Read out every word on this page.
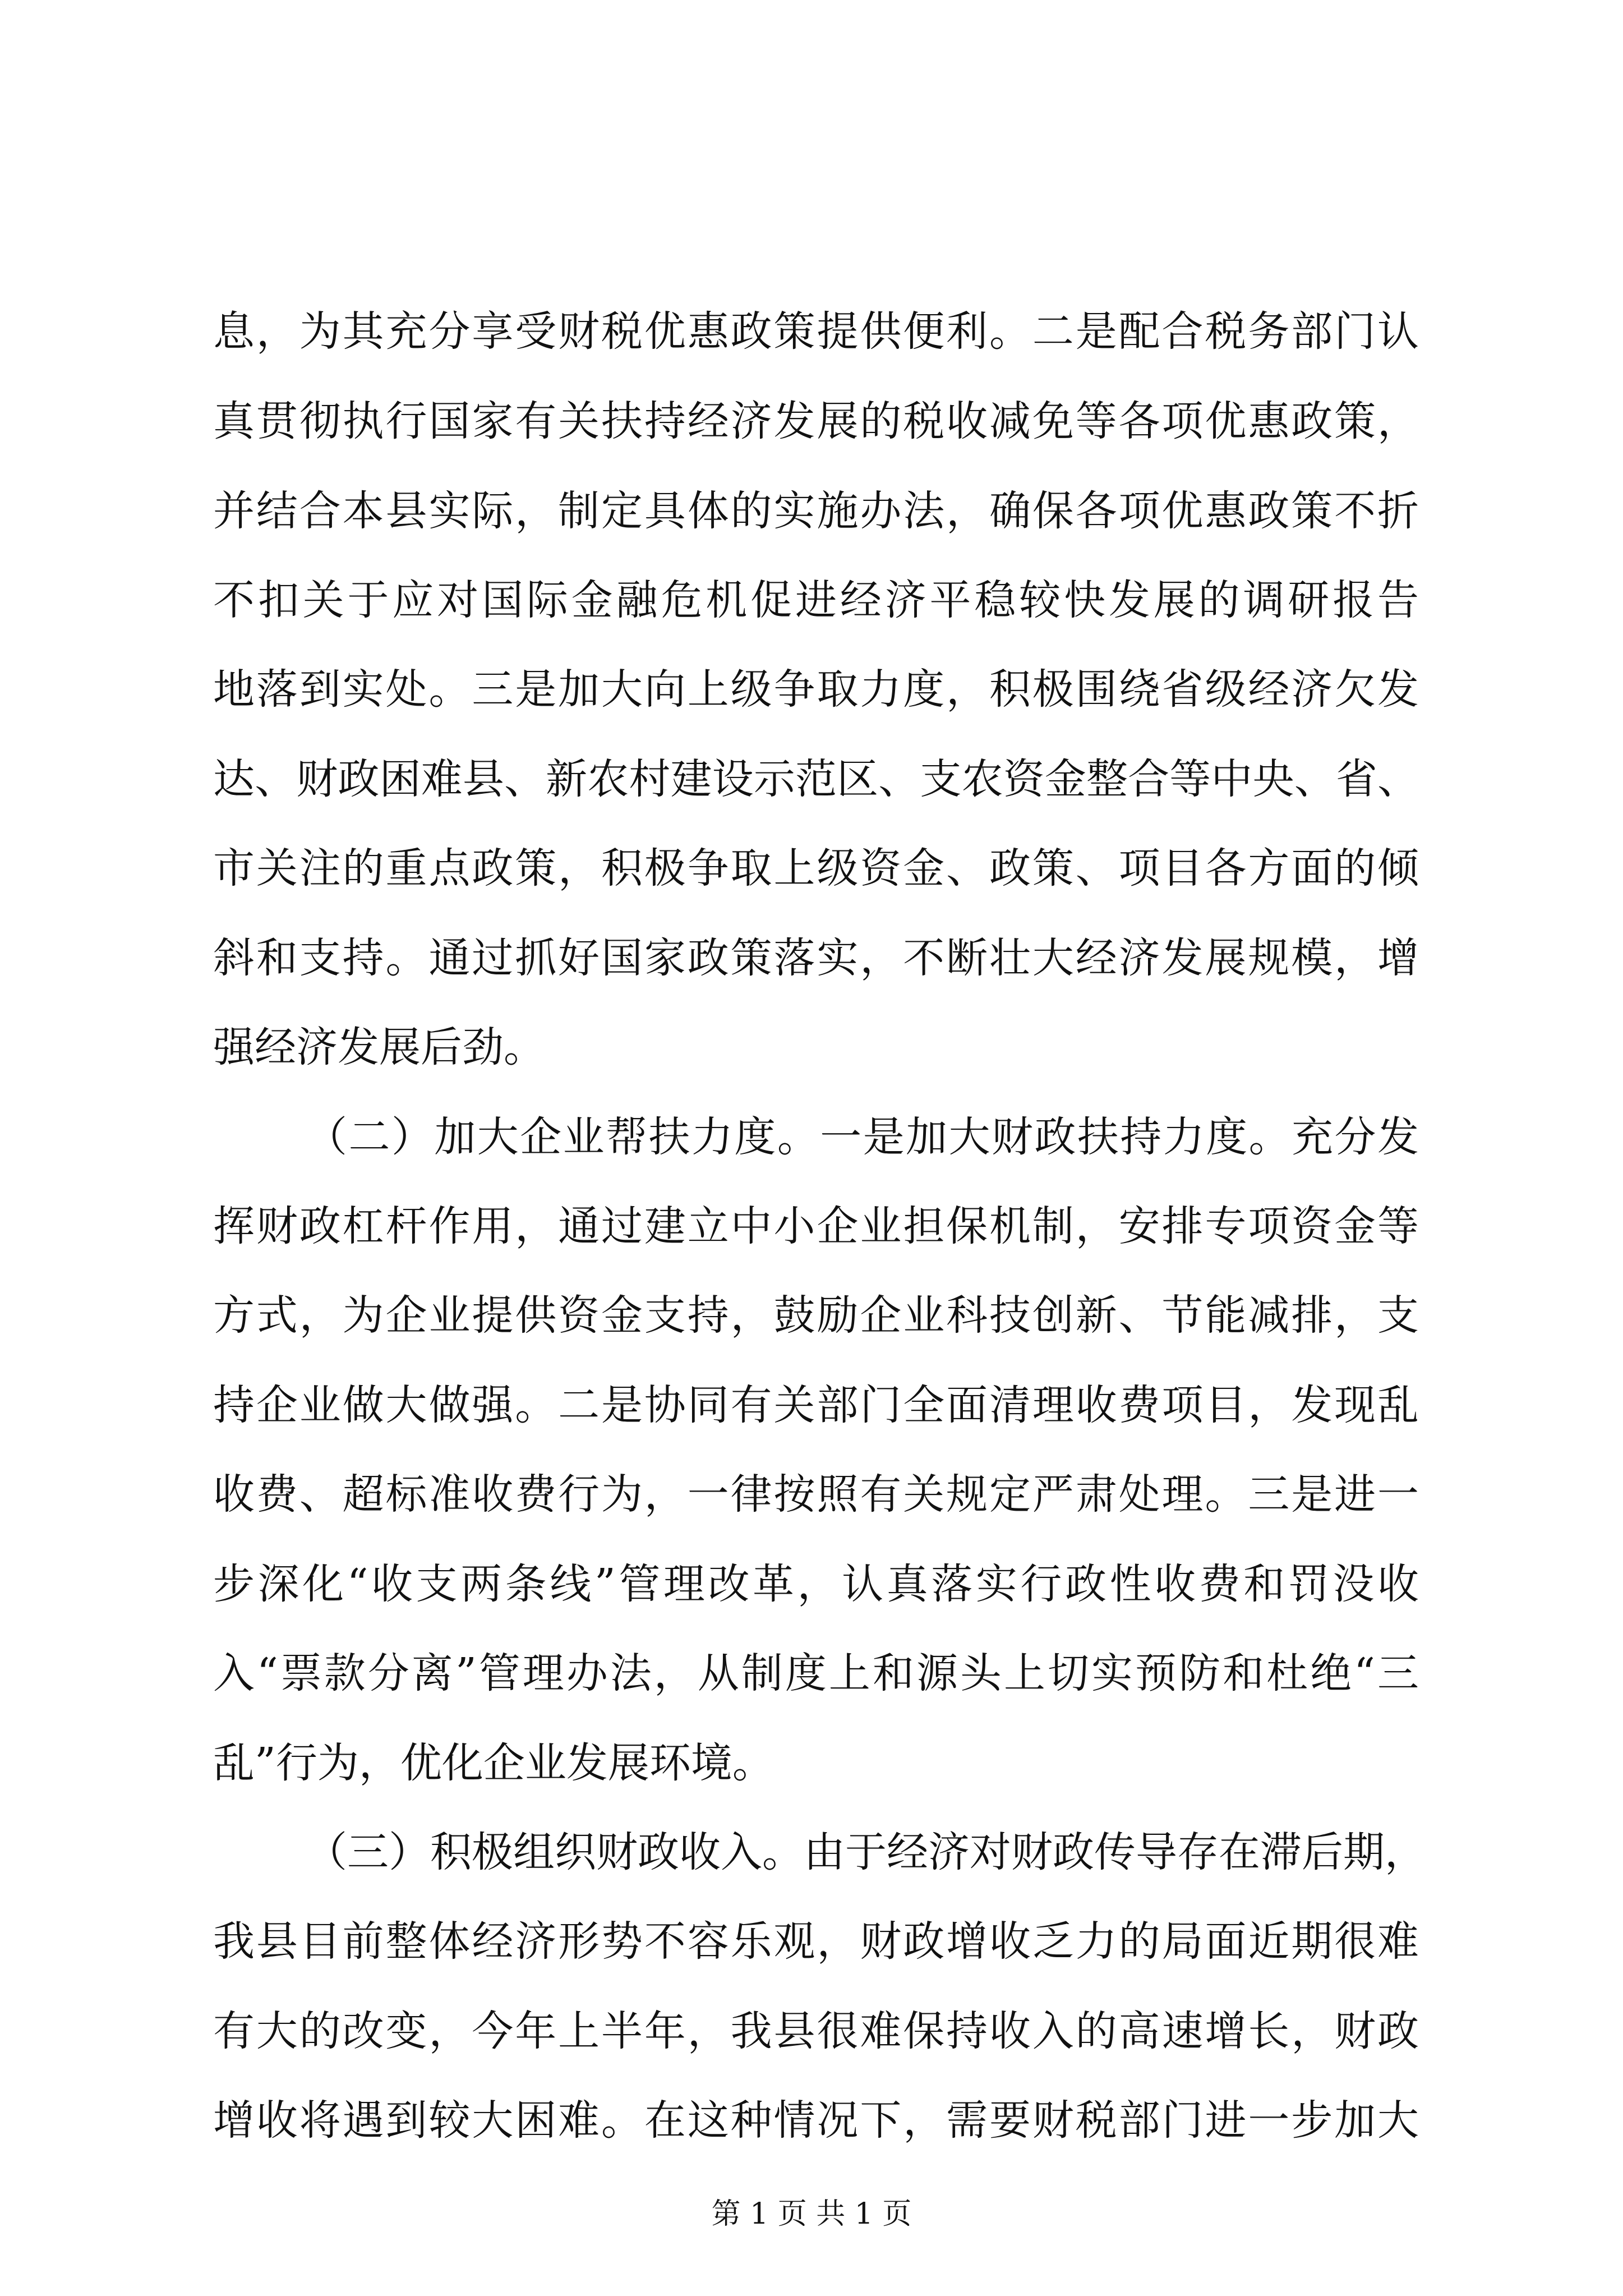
息，为其充分享受财税优惠政策提供便利。二是配合税务部门认
真贯彻执行国家有关扶持经济发展的税收减免等各项优惠政策，
并结合本县实际，制定具体的实施办法，确保各项优惠政策不折
不扣关于应对国际金融危机促进经济平稳较快发展的调研报告
地落到实处。三是加大向上级争取力度，积极围绕省级经济欠发
达、财政困难县、新农村建设示范区、支农资金整合等中央、省、
市关注的重点政策，积极争取上级资金、政策、项目各方面的倾
斜和支持。通过抓好国家政策落实，不断壮大经济发展规模，增
强经济发展后劲。
（二）加大企业帮扶力度。一是加大财政扶持力度。充分发
挥财政杠杆作用，通过建立中小企业担保机制，安排专项资金等
方式，为企业提供资金支持，鼓励企业科技创新、节能减排，支
持企业做大做强。二是协同有关部门全面清理收费项目，发现乱
收费、超标准收费行为，一律按照有关规定严肃处理。三是进一
步深化“收支两条线”管理改革，认真落实行政性收费和罚没收
入“票款分离”管理办法，从制度上和源头上切实预防和杜绝“三
乱”行为，优化企业发展环境。
（三）积极组织财政收入。由于经济对财政传导存在滞后期，
我县目前整体经济形势不容乐观，财政增收乏力的局面近期很难
有大的改变，今年上半年，我县很难保持收入的高速增长，财政
增收将遇到较大困难。在这种情况下，需要财税部门进一步加大
第 1 页 共 1 页
